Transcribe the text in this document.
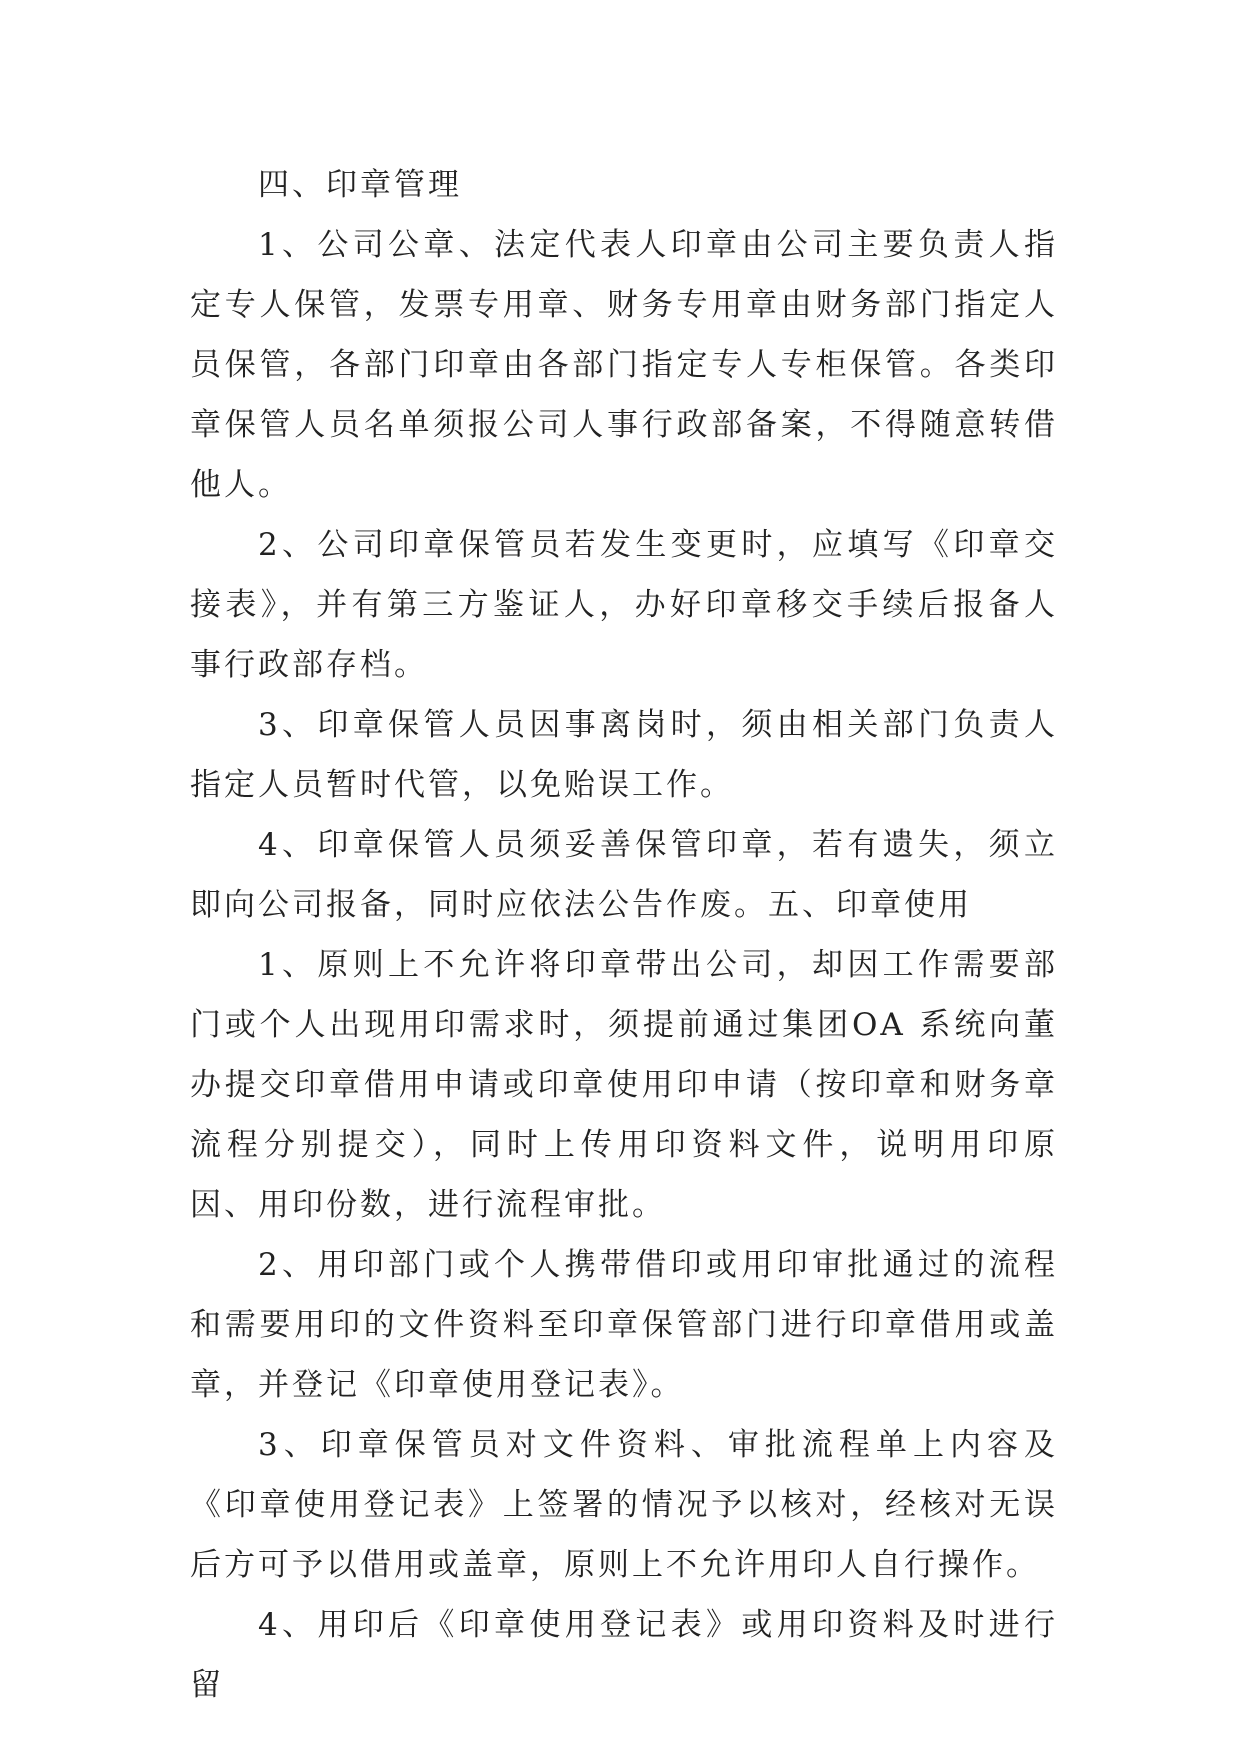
四、印章管理

1、公司公章、法定代表人印章由公司主要负责人指定专人保管，发票专用章、财务专用章由财务部门指定人员保管，各部门印章由各部门指定专人专柜保管。各类印章保管人员名单须报公司人事行政部备案，不得随意转借他人。

2、公司印章保管员若发生变更时，应填写《印章交接表》，并有第三方鉴证人，办好印章移交手续后报备人事行政部存档。

3、印章保管人员因事离岗时，须由相关部门负责人指定人员暂时代管，以免贻误工作。

4、印章保管人员须妥善保管印章，若有遗失，须立即向公司报备，同时应依法公告作废。五、印章使用

1、原则上不允许将印章带出公司，却因工作需要部门或个人出现用印需求时，须提前通过集团OA 系统向董办提交印章借用申请或印章使用印申请（按印章和财务章流程分别提交），同时上传用印资料文件，说明用印原因、用印份数，进行流程审批。

2、用印部门或个人携带借印或用印审批通过的流程和需要用印的文件资料至印章保管部门进行印章借用或盖章，并登记《印章使用登记表》。

3、印章保管员对文件资料、审批流程单上内容及《印章使用登记表》上签署的情况予以核对，经核对无误后方可予以借用或盖章，原则上不允许用印人自行操作。

4、用印后《印章使用登记表》或用印资料及时进行留
